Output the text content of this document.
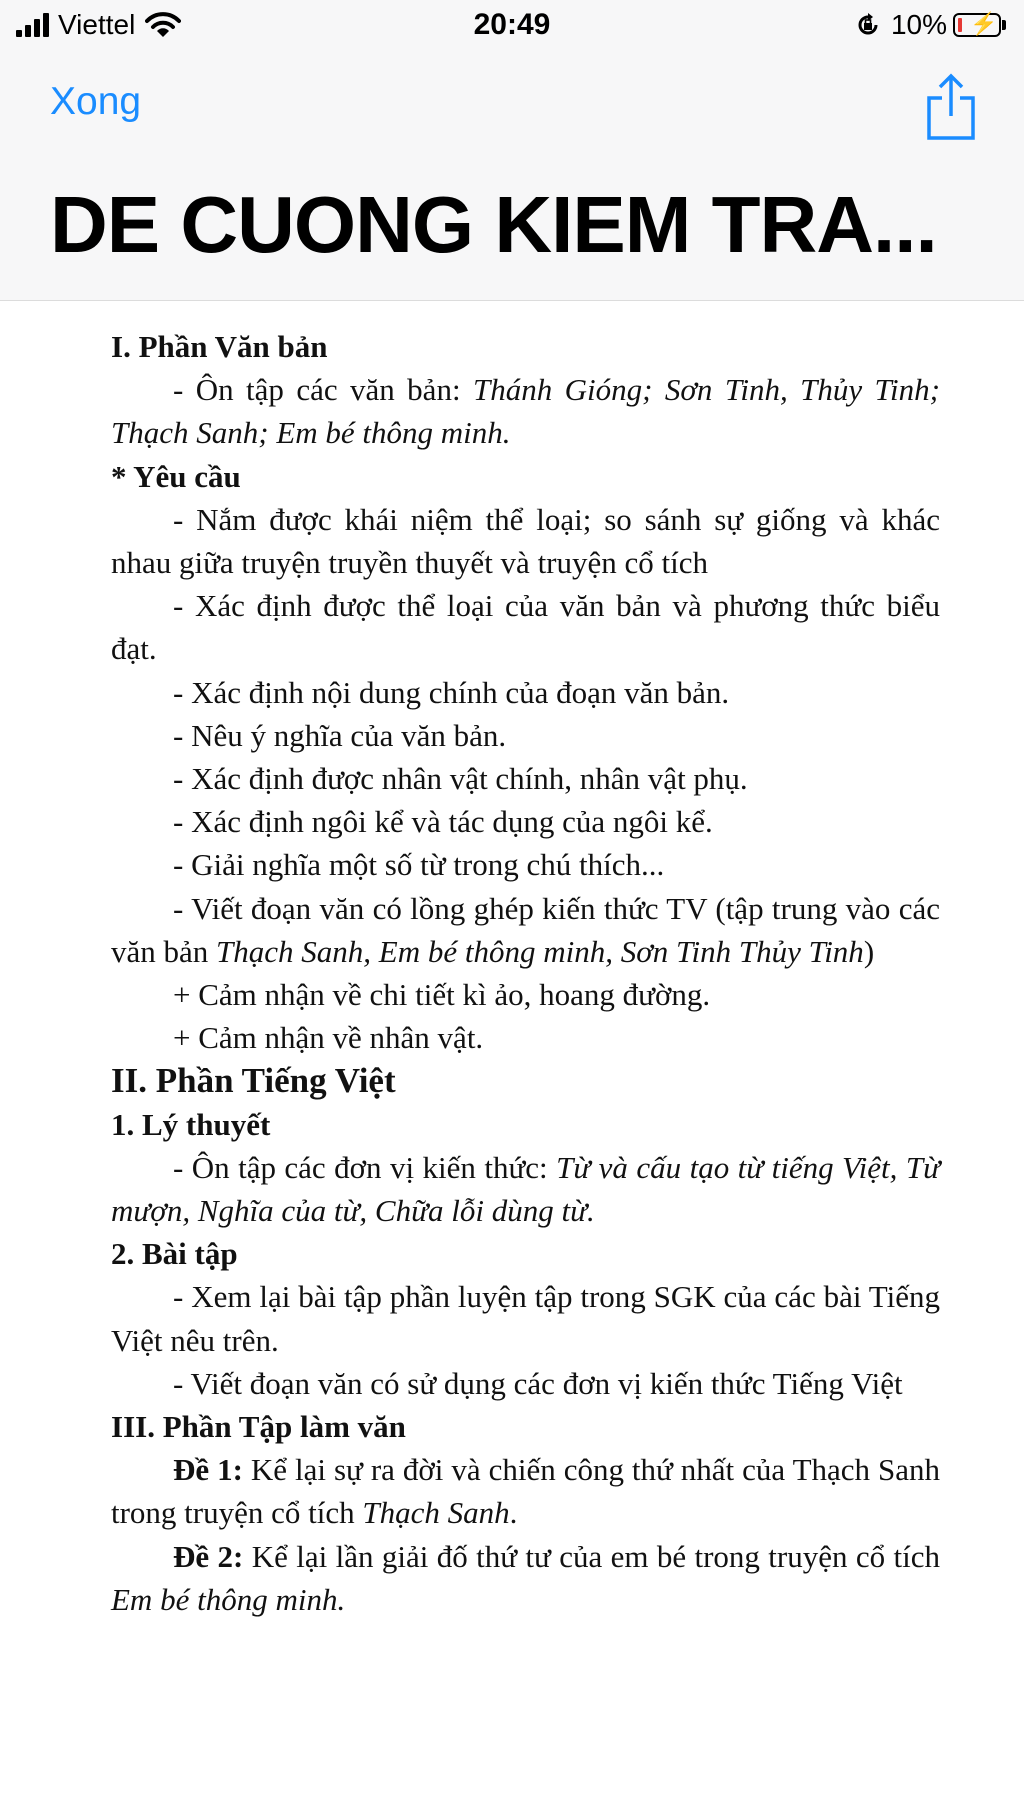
Viettel	20:49	10% ⚡
Xong
DE CUONG KIEM TRA...

I. Phần Văn bản

- Ôn tập các văn bản: Thánh Gióng; Sơn Tinh, Thủy Tinh; Thạch Sanh; Em bé thông minh.

* Yêu cầu

- Nắm được khái niệm thể loại; so sánh sự giống và khác nhau giữa truyện truyền thuyết và truyện cổ tích

- Xác định được thể loại của văn bản và phương thức biểu đạt.

- Xác định nội dung chính của đoạn văn bản.

- Nêu ý nghĩa của văn bản.

- Xác định được nhân vật chính, nhân vật phụ.

- Xác định ngôi kể và tác dụng của ngôi kể.

- Giải nghĩa một số từ trong chú thích...

- Viết đoạn văn có lồng ghép kiến thức TV (tập trung vào các văn bản Thạch Sanh, Em bé thông minh, Sơn Tinh Thủy Tinh)

+ Cảm nhận về chi tiết kì ảo, hoang đường.

+ Cảm nhận về nhân vật.

II. Phần Tiếng Việt

1. Lý thuyết

- Ôn tập các đơn vị kiến thức: Từ và cấu tạo từ tiếng Việt, Từ mượn, Nghĩa của từ, Chữa lỗi dùng từ.

2. Bài tập

- Xem lại bài tập phần luyện tập trong SGK của các bài Tiếng Việt nêu trên.

- Viết đoạn văn có sử dụng các đơn vị kiến thức Tiếng Việt

III. Phần Tập làm văn

Đề 1: Kể lại sự ra đời và chiến công thứ nhất của Thạch Sanh trong truyện cổ tích Thạch Sanh.

Đề 2: Kể lại lần giải đố thứ tư của em bé trong truyện cổ tích Em bé thông minh.
